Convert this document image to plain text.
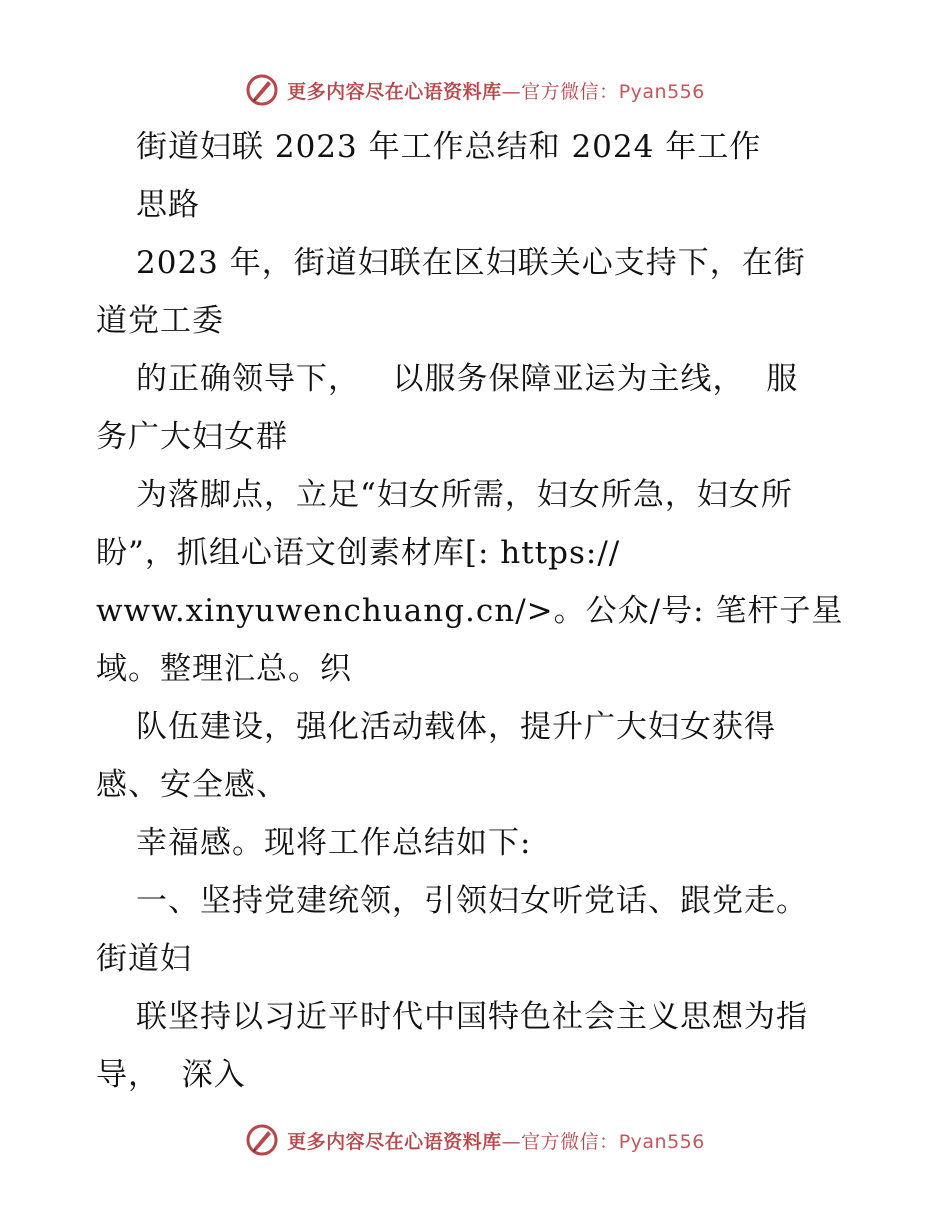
更多内容尽在心语资料库—官方微信：Pyan556
街道妇联 2023 年工作总结和 2024 年工作
思路
2023 年，街道妇联在区妇联关心支持下，在街
道党工委
的正确领导下，   以服务保障亚运为主线，  服
务广大妇女群
为落脚点，立足“妇女所需，妇女所急，妇女所
盼”，抓组心语文创素材库[: https://
www.xinyuwenchuang.cn/>。公众/号: 笔杆子星
域。整理汇总。织
队伍建设，强化活动载体，提升广大妇女获得
感、安全感、
幸福感。现将工作总结如下:
一、坚持党建统领，引领妇女听党话、跟党走。
街道妇
联坚持以习近平时代中国特色社会主义思想为指
导，  深入
更多内容尽在心语资料库—官方微信：Pyan556
